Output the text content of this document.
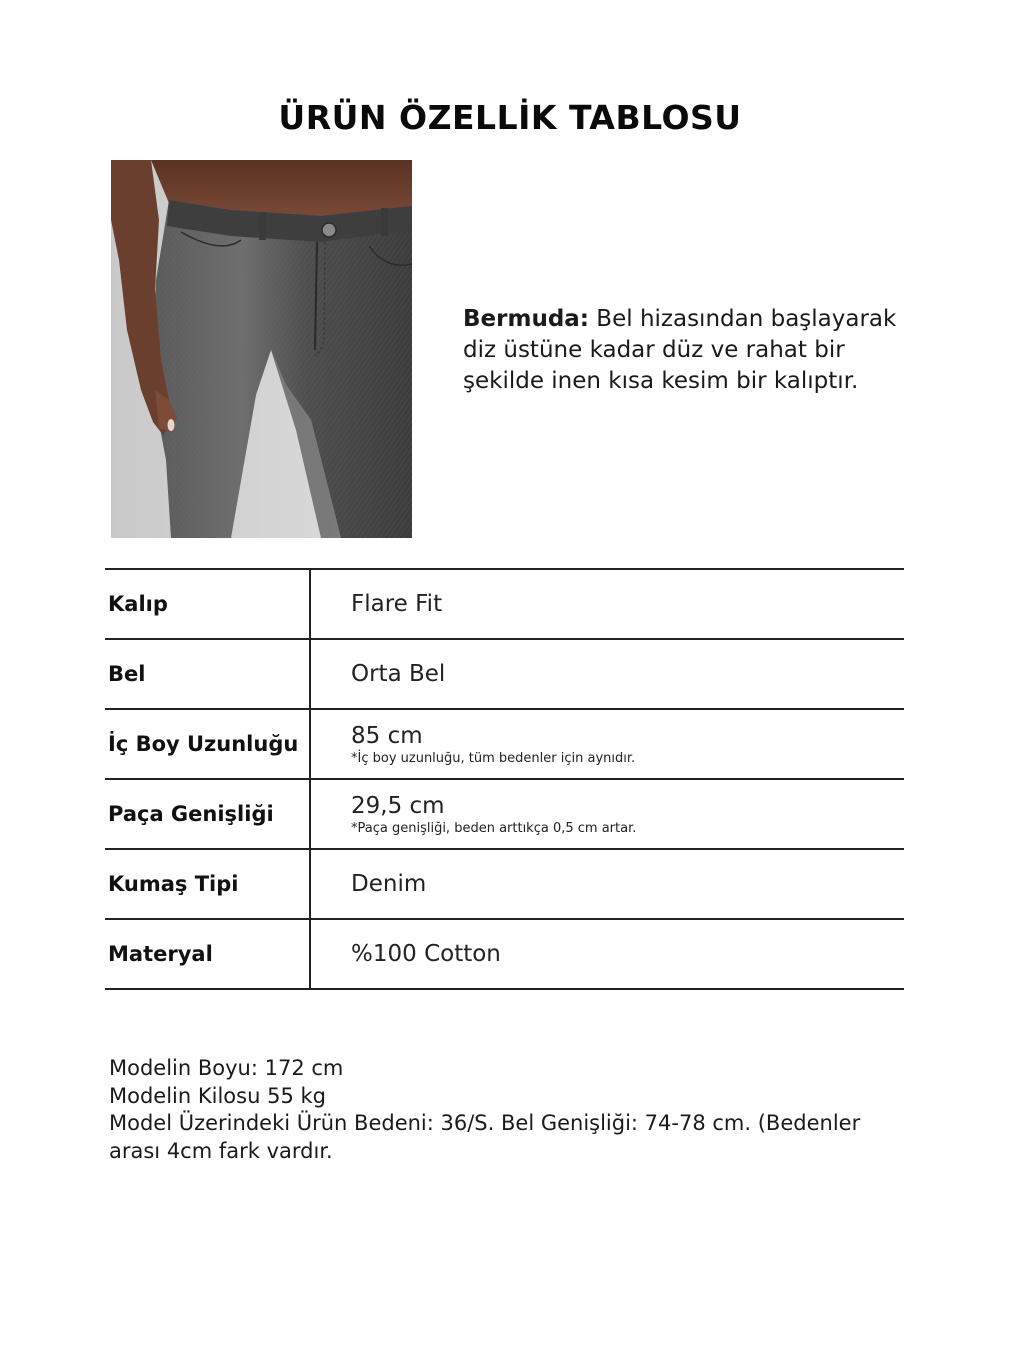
ÜRÜN ÖZELLİK TABLOSU
Bermuda: Bel hizasından başlayarak diz üstüne kadar düz ve rahat bir şekilde inen kısa kesim bir kalıptır.
Kalıp	Flare Fit

Bel	Orta Bel

İç Boy Uzunluğu	85 cm
*İç boy uzunluğu, tüm bedenler için aynıdır.

Paça Genişliği	29,5 cm
*Paça genişliği, beden arttıkça 0,5 cm artar.

Kumaş Tipi	Denim

Materyal	%100 Cotton
Modelin Boyu: 172 cm
Modelin Kilosu 55 kg
Model Üzerindeki Ürün Bedeni: 36/S. Bel Genişliği: 74-78 cm. (Bedenler arası 4cm fark vardır.
